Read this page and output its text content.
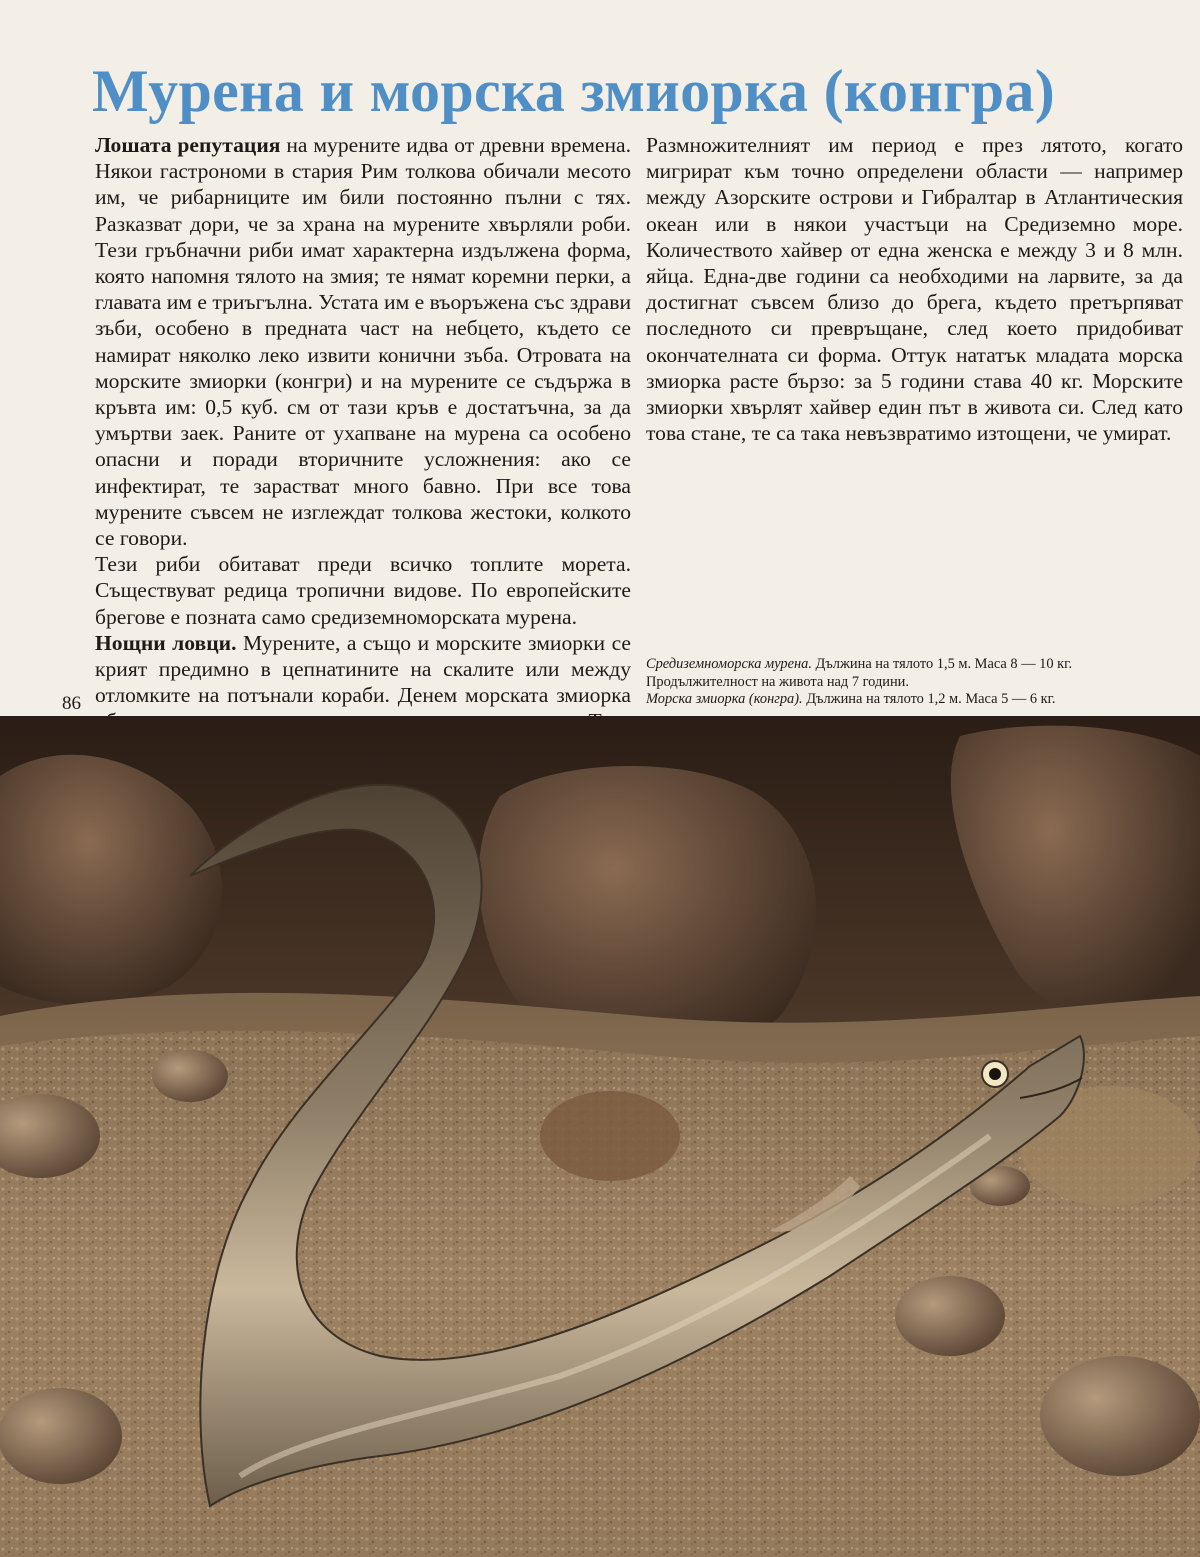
Мурена и морска змиорка (конгра)

Лошата репутация на мурените идва от древни времена. Някои гастрономи в стария Рим толкова обичали месото им, че рибарниците им били постоянно пълни с тях. Разказват дори, че за храна на мурените хвърляли роби. Тези гръбначни риби имат характерна издължена форма, която напомня тялото на змия; те нямат коремни перки, а главата им е триъгълна. Устата им е въоръжена със здрави зъби, особено в предната част на небцето, където се намират няколко леко извити конични зъба. Отровата на морските змиорки (конгри) и на мурените се съдържа в кръвта им: 0,5 куб. см от тази кръв е достатъчна, за да умъртви заек. Раните от ухапване на мурена са особено опасни и поради вторичните усложнения: ако се инфектират, те зарастват много бавно. При все това мурените съвсем не изглеждат толкова жестоки, колкото се говори.

Тези риби обитават преди всичко топлите морета. Съществуват редица тропични видове. По европейските брегове е позната само средиземноморската мурена.

Нощни ловци. Мурените, а също и морските змиорки се крият предимно в цепнатините на скалите или между отломките на потънали кораби. Денем морската змиорка

86

Размножителният им период е през лятото, когато мигрират към точно определени области — например между Азорските острови и Гибралтар в Атлантическия океан или в някои участъци на Средиземно море. Количеството хайвер от една женска е между 3 и 8 млн. яйца. Една-две години са необходими на ларвите, за да достигнат съвсем близо до брега, където претърпяват последното си превръщане, след което придобиват окончателната си форма. Оттук нататък младата морска змиорка расте бързо: за 5 години става 40 кг. Морските змиорки хвърлят хайвер един път в живота си. След като това стане, те са така невъзвратимо изтощени, че умират.

Средиземноморска мурена. Дължина на тялото 1,5 м. Маса 8 — 10 кг.

Продължителност на живота над 7 години.

Морска змиорка (конгра). Дължина на тялото 1,2 м. Маса 5 — 6 кг.
